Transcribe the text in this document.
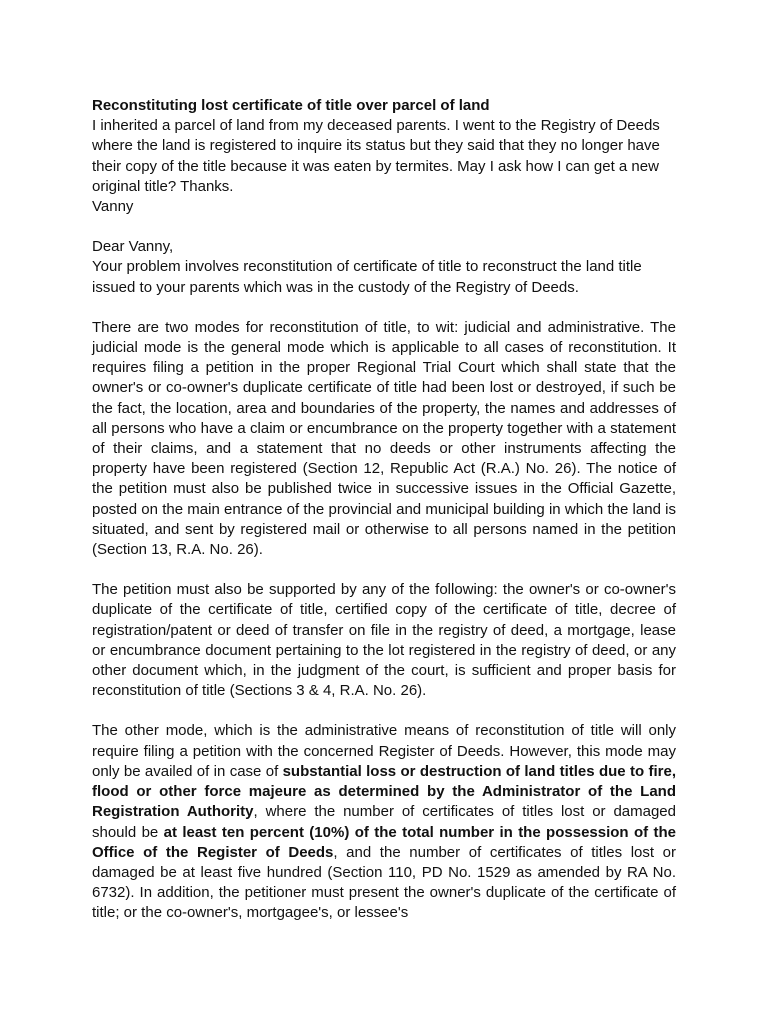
Reconstituting lost certificate of title over parcel of land

I inherited a parcel of land from my deceased parents. I went to the Registry of Deeds where the land is registered to inquire its status but they said that they no longer have their copy of the title because it was eaten by termites. May I ask how I can get a new original title? Thanks.

Vanny

Dear Vanny,

Your problem involves reconstitution of certificate of title to reconstruct the land title issued to your parents which was in the custody of the Registry of Deeds.

There are two modes for reconstitution of title, to wit: judicial and administrative. The judicial mode is the general mode which is applicable to all cases of reconstitution. It requires filing a petition in the proper Regional Trial Court which shall state that the owner's or co-owner's duplicate certificate of title had been lost or destroyed, if such be the fact, the location, area and boundaries of the property, the names and addresses of all persons who have a claim or encumbrance on the property together with a statement of their claims, and a statement that no deeds or other instruments affecting the property have been registered (Section 12, Republic Act (R.A.) No. 26). The notice of the petition must also be published twice in successive issues in the Official Gazette, posted on the main entrance of the provincial and municipal building in which the land is situated, and sent by registered mail or otherwise to all persons named in the petition (Section 13, R.A. No. 26).

The petition must also be supported by any of the following: the owner's or co-owner's duplicate of the certificate of title, certified copy of the certificate of title, decree of registration/patent or deed of transfer on file in the registry of deed, a mortgage, lease or encumbrance document pertaining to the lot registered in the registry of deed, or any other document which, in the judgment of the court, is sufficient and proper basis for reconstitution of title (Sections 3 & 4, R.A. No. 26).

The other mode, which is the administrative means of reconstitution of title will only require filing a petition with the concerned Register of Deeds. However, this mode may only be availed of in case of substantial loss or destruction of land titles due to fire, flood or other force majeure as determined by the Administrator of the Land Registration Authority, where the number of certificates of titles lost or damaged should be at least ten percent (10%) of the total number in the possession of the Office of the Register of Deeds, and the number of certificates of titles lost or damaged be at least five hundred (Section 110, PD No. 1529 as amended by RA No. 6732). In addition, the petitioner must present the owner's duplicate of the certificate of title; or the co-owner's, mortgagee's, or lessee's
